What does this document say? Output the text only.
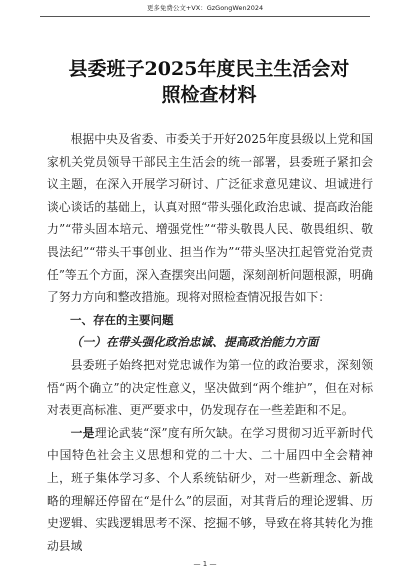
更多免费公文+VX：GzGongWen2024
县委班子2025年度民主生活会对照检查材料

根据中央及省委、市委关于开好2025年度县级以上党和国家机关党员领导干部民主生活会的统一部署，县委班子紧扣会议主题，在深入开展学习研讨、广泛征求意见建议、坦诚进行谈心谈话的基础上，认真对照“带头强化政治忠诚、提高政治能力”“带头固本培元、增强党性”“带头敬畏人民、敬畏组织、敬畏法纪”“带头干事创业、担当作为”“带头坚决扛起管党治党责任”等五个方面，深入查摆突出问题，深刻剖析问题根源，明确了努力方向和整改措施。现将对照检查情况报告如下：

一、存在的主要问题

（一）在带头强化政治忠诚、提高政治能力方面

县委班子始终把对党忠诚作为第一位的政治要求，深刻领悟“两个确立”的决定性意义，坚决做到“两个维护”，但在对标对表更高标准、更严要求中，仍发现存在一些差距和不足。

一是理论武装“深”度有所欠缺。在学习贯彻习近平新时代中国特色社会主义思想和党的二十大、二十届四中全会精神上，班子集体学习多、个人系统钻研少，对一些新理念、新战略的理解还停留在“是什么”的层面，对其背后的理论逻辑、历史逻辑、实践逻辑思考不深、挖掘不够，导致在将其转化为推动县域

— 1 —
